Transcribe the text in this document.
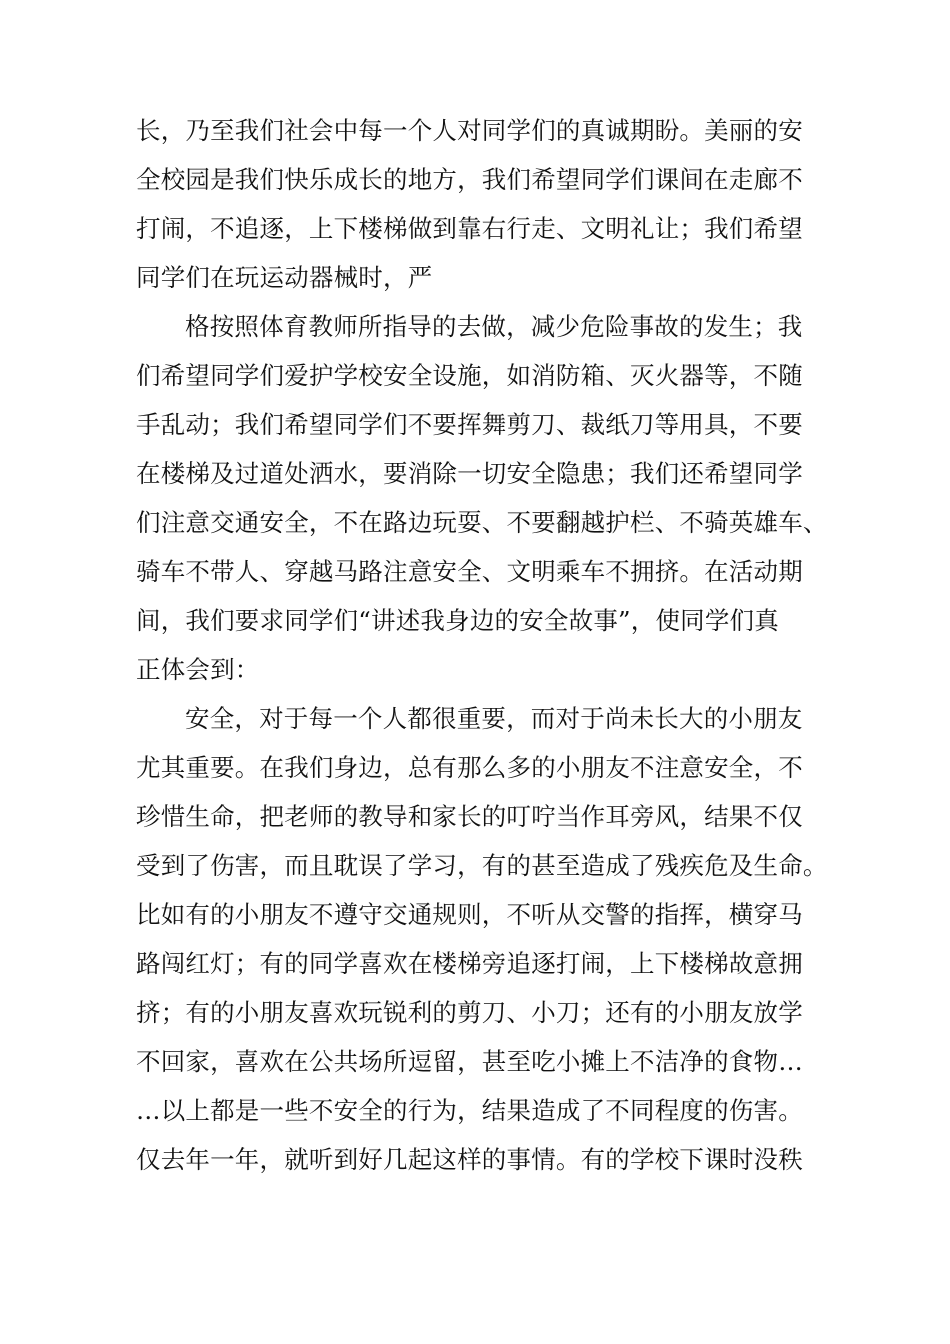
长，乃至我们社会中每一个人对同学们的真诚期盼。美丽的安
全校园是我们快乐成长的地方，我们希望同学们课间在走廊不
打闹，不追逐，上下楼梯做到靠右行走、文明礼让；我们希望
同学们在玩运动器械时，严
格按照体育教师所指导的去做，减少危险事故的发生；我
们希望同学们爱护学校安全设施，如消防箱、灭火器等，不随
手乱动；我们希望同学们不要挥舞剪刀、裁纸刀等用具，不要
在楼梯及过道处洒水，要消除一切安全隐患；我们还希望同学
们注意交通安全，不在路边玩耍、不要翻越护栏、不骑英雄车、
骑车不带人、穿越马路注意安全、文明乘车不拥挤。在活动期
间，我们要求同学们“讲述我身边的安全故事”，使同学们真
正体会到：
安全，对于每一个人都很重要，而对于尚未长大的小朋友
尤其重要。在我们身边，总有那么多的小朋友不注意安全，不
珍惜生命，把老师的教导和家长的叮咛当作耳旁风，结果不仅
受到了伤害，而且耽误了学习，有的甚至造成了残疾危及生命。
比如有的小朋友不遵守交通规则，不听从交警的指挥，横穿马
路闯红灯；有的同学喜欢在楼梯旁追逐打闹，上下楼梯故意拥
挤；有的小朋友喜欢玩锐利的剪刀、小刀；还有的小朋友放学
不回家，喜欢在公共场所逗留，甚至吃小摊上不洁净的食物…
…以上都是一些不安全的行为，结果造成了不同程度的伤害。
仅去年一年，就听到好几起这样的事情。有的学校下课时没秩
